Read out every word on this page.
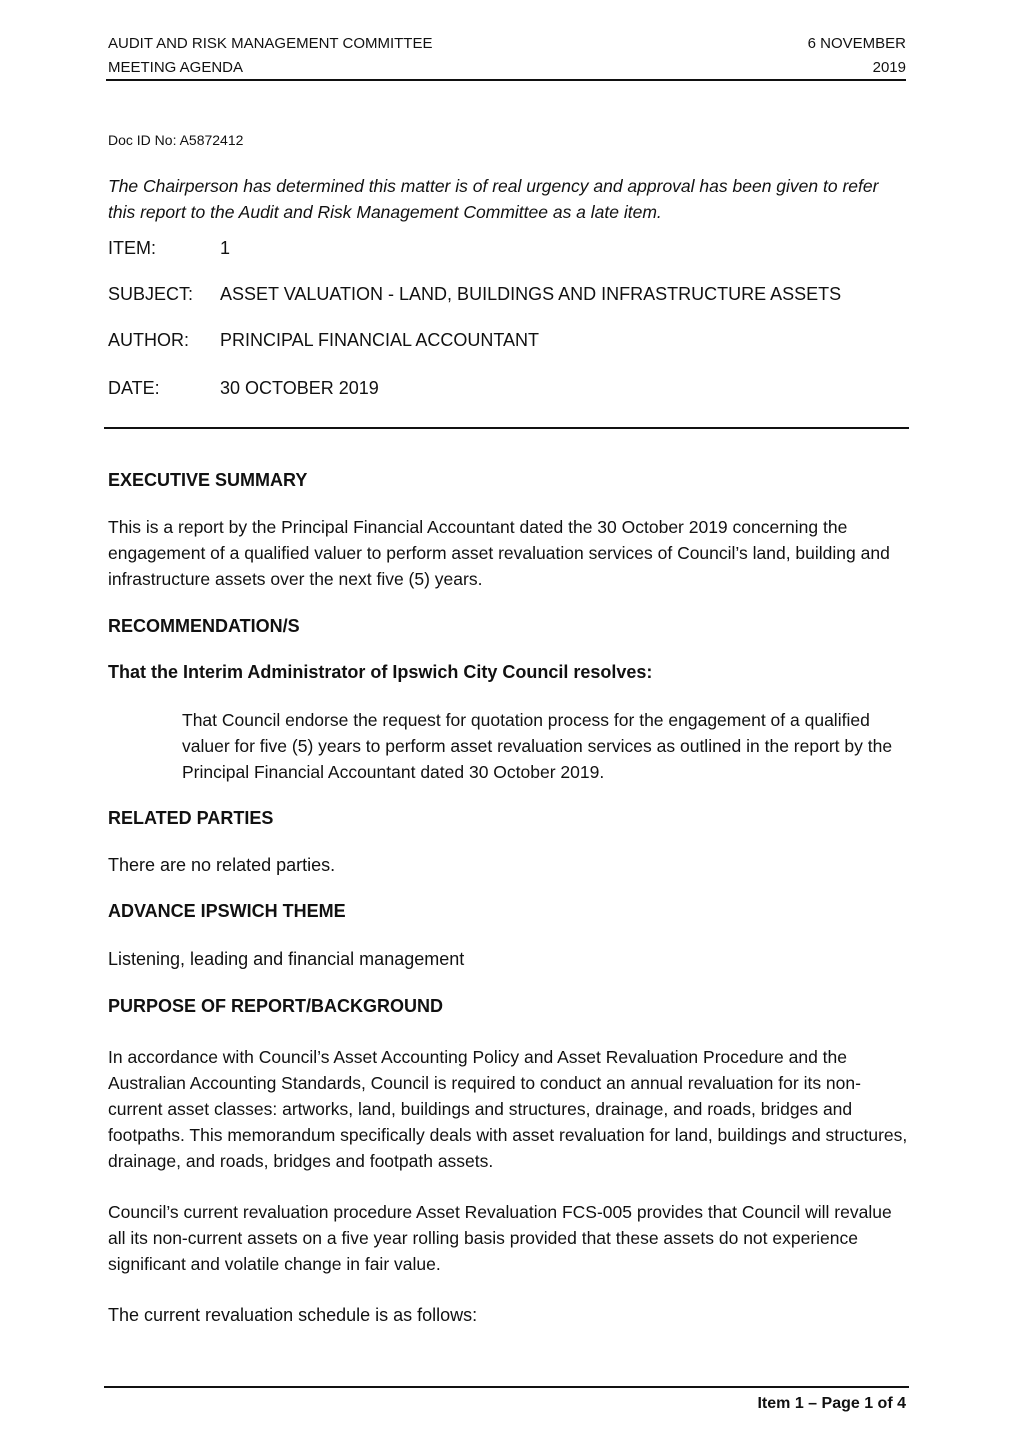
AUDIT AND RISK MANAGEMENT COMMITTEE
MEETING AGENDA
6 NOVEMBER
2019
Doc ID No: A5872412
The Chairperson has determined this matter is of real urgency and approval has been given to refer this report to the Audit and Risk Management Committee as a late item.
ITEM:	1
SUBJECT: ASSET VALUATION - LAND, BUILDINGS AND INFRASTRUCTURE ASSETS
AUTHOR: PRINCIPAL FINANCIAL ACCOUNTANT
DATE:	30 OCTOBER 2019
EXECUTIVE SUMMARY
This is a report by the Principal Financial Accountant dated the 30 October 2019 concerning the engagement of a qualified valuer to perform asset revaluation services of Council’s land, building and infrastructure assets over the next five (5) years.
RECOMMENDATION/S
That the Interim Administrator of Ipswich City Council resolves:
That Council endorse the request for quotation process for the engagement of a qualified valuer for five (5) years to perform asset revaluation services as outlined in the report by the Principal Financial Accountant dated 30 October 2019.
RELATED PARTIES
There are no related parties.
ADVANCE IPSWICH THEME
Listening, leading and financial management
PURPOSE OF REPORT/BACKGROUND
In accordance with Council’s Asset Accounting Policy and Asset Revaluation Procedure and the Australian Accounting Standards, Council is required to conduct an annual revaluation for its non-current asset classes: artworks, land, buildings and structures, drainage, and roads, bridges and footpaths. This memorandum specifically deals with asset revaluation for land, buildings and structures, drainage, and roads, bridges and footpath assets.
Council’s current revaluation procedure Asset Revaluation FCS-005 provides that Council will revalue all its non-current assets on a five year rolling basis provided that these assets do not experience significant and volatile change in fair value.
The current revaluation schedule is as follows:
Item 1 – Page 1 of 4
